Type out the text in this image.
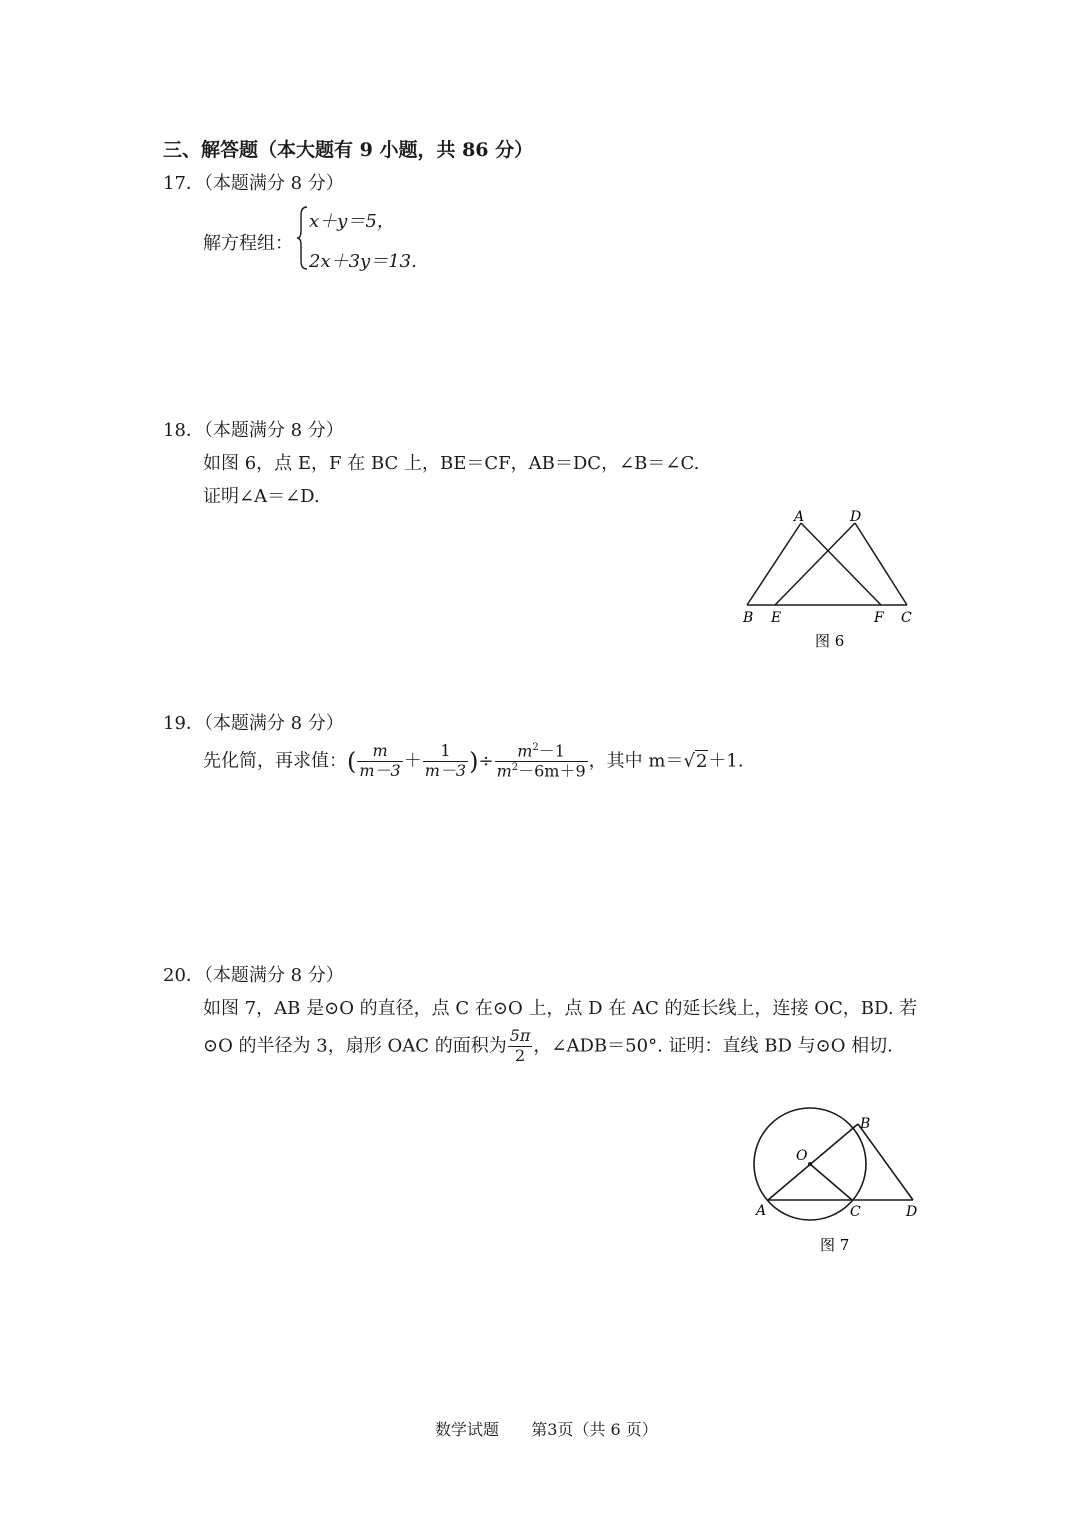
三、解答题（本大题有 9 小题，共 86 分）
17．（本题满分 8 分）
解方程组：
x＋y＝5，
2x＋3y＝13.
18．（本题满分 8 分）
如图 6，点 E，F 在 BC 上，BE＝CF，AB＝DC，∠B＝∠C.
证明∠A＝∠D.
A	D
B E	F C
图 6
19．（本题满分 8 分）
先化简，再求值：( $\frac{m}{m-3} + \frac{1}{m-3}$ )÷ $\frac{m^2-1}{m^2-6m+9}$ ，其中 m＝√2＋1.
20．（本题满分 8 分）
如图 7，AB 是⊙O 的直径，点 C 在⊙O 上，点 D 在 AC 的延长线上，连接 OC，BD. 若
⊙O 的半径为 3，扇形 OAC 的面积为 $\frac{5\pi}{2}$ ，∠ADB＝50°. 证明：直线 BD 与⊙O 相切.
O
B
A	C	D
图 7
数学试题 第3页（共 6 页）
